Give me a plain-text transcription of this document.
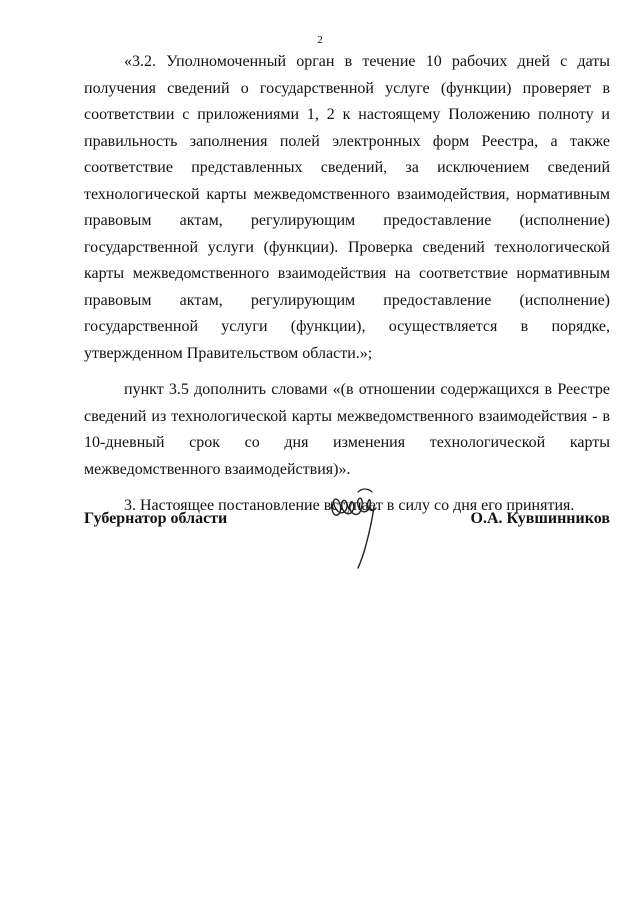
2

«3.2. Уполномоченный орган в течение 10 рабочих дней с даты получения сведений о государственной услуге (функции) проверяет в соответствии с приложениями 1, 2 к настоящему Положению полноту и правильность заполнения полей электронных форм Реестра, а также соответствие представленных сведений, за исключением сведений технологической карты межведомственного взаимодействия, нормативным правовым актам, регулирующим предоставление (исполнение) государственной услуги (функции). Проверка сведений технологической карты межведомственного взаимодействия на соответствие нормативным правовым актам, регулирующим предоставление (исполнение) государственной услуги (функции), осуществляется в порядке, утвержденном Правительством области.»;

пункт 3.5 дополнить словами «(в отношении содержащихся в Реестре сведений из технологической карты межведомственного взаимодействия - в 10-дневный срок со дня изменения технологической карты межведомственного взаимодействия)».

3. Настоящее постановление вступает в силу со дня его принятия.

Губернатор области	О.А. Кувшинников
